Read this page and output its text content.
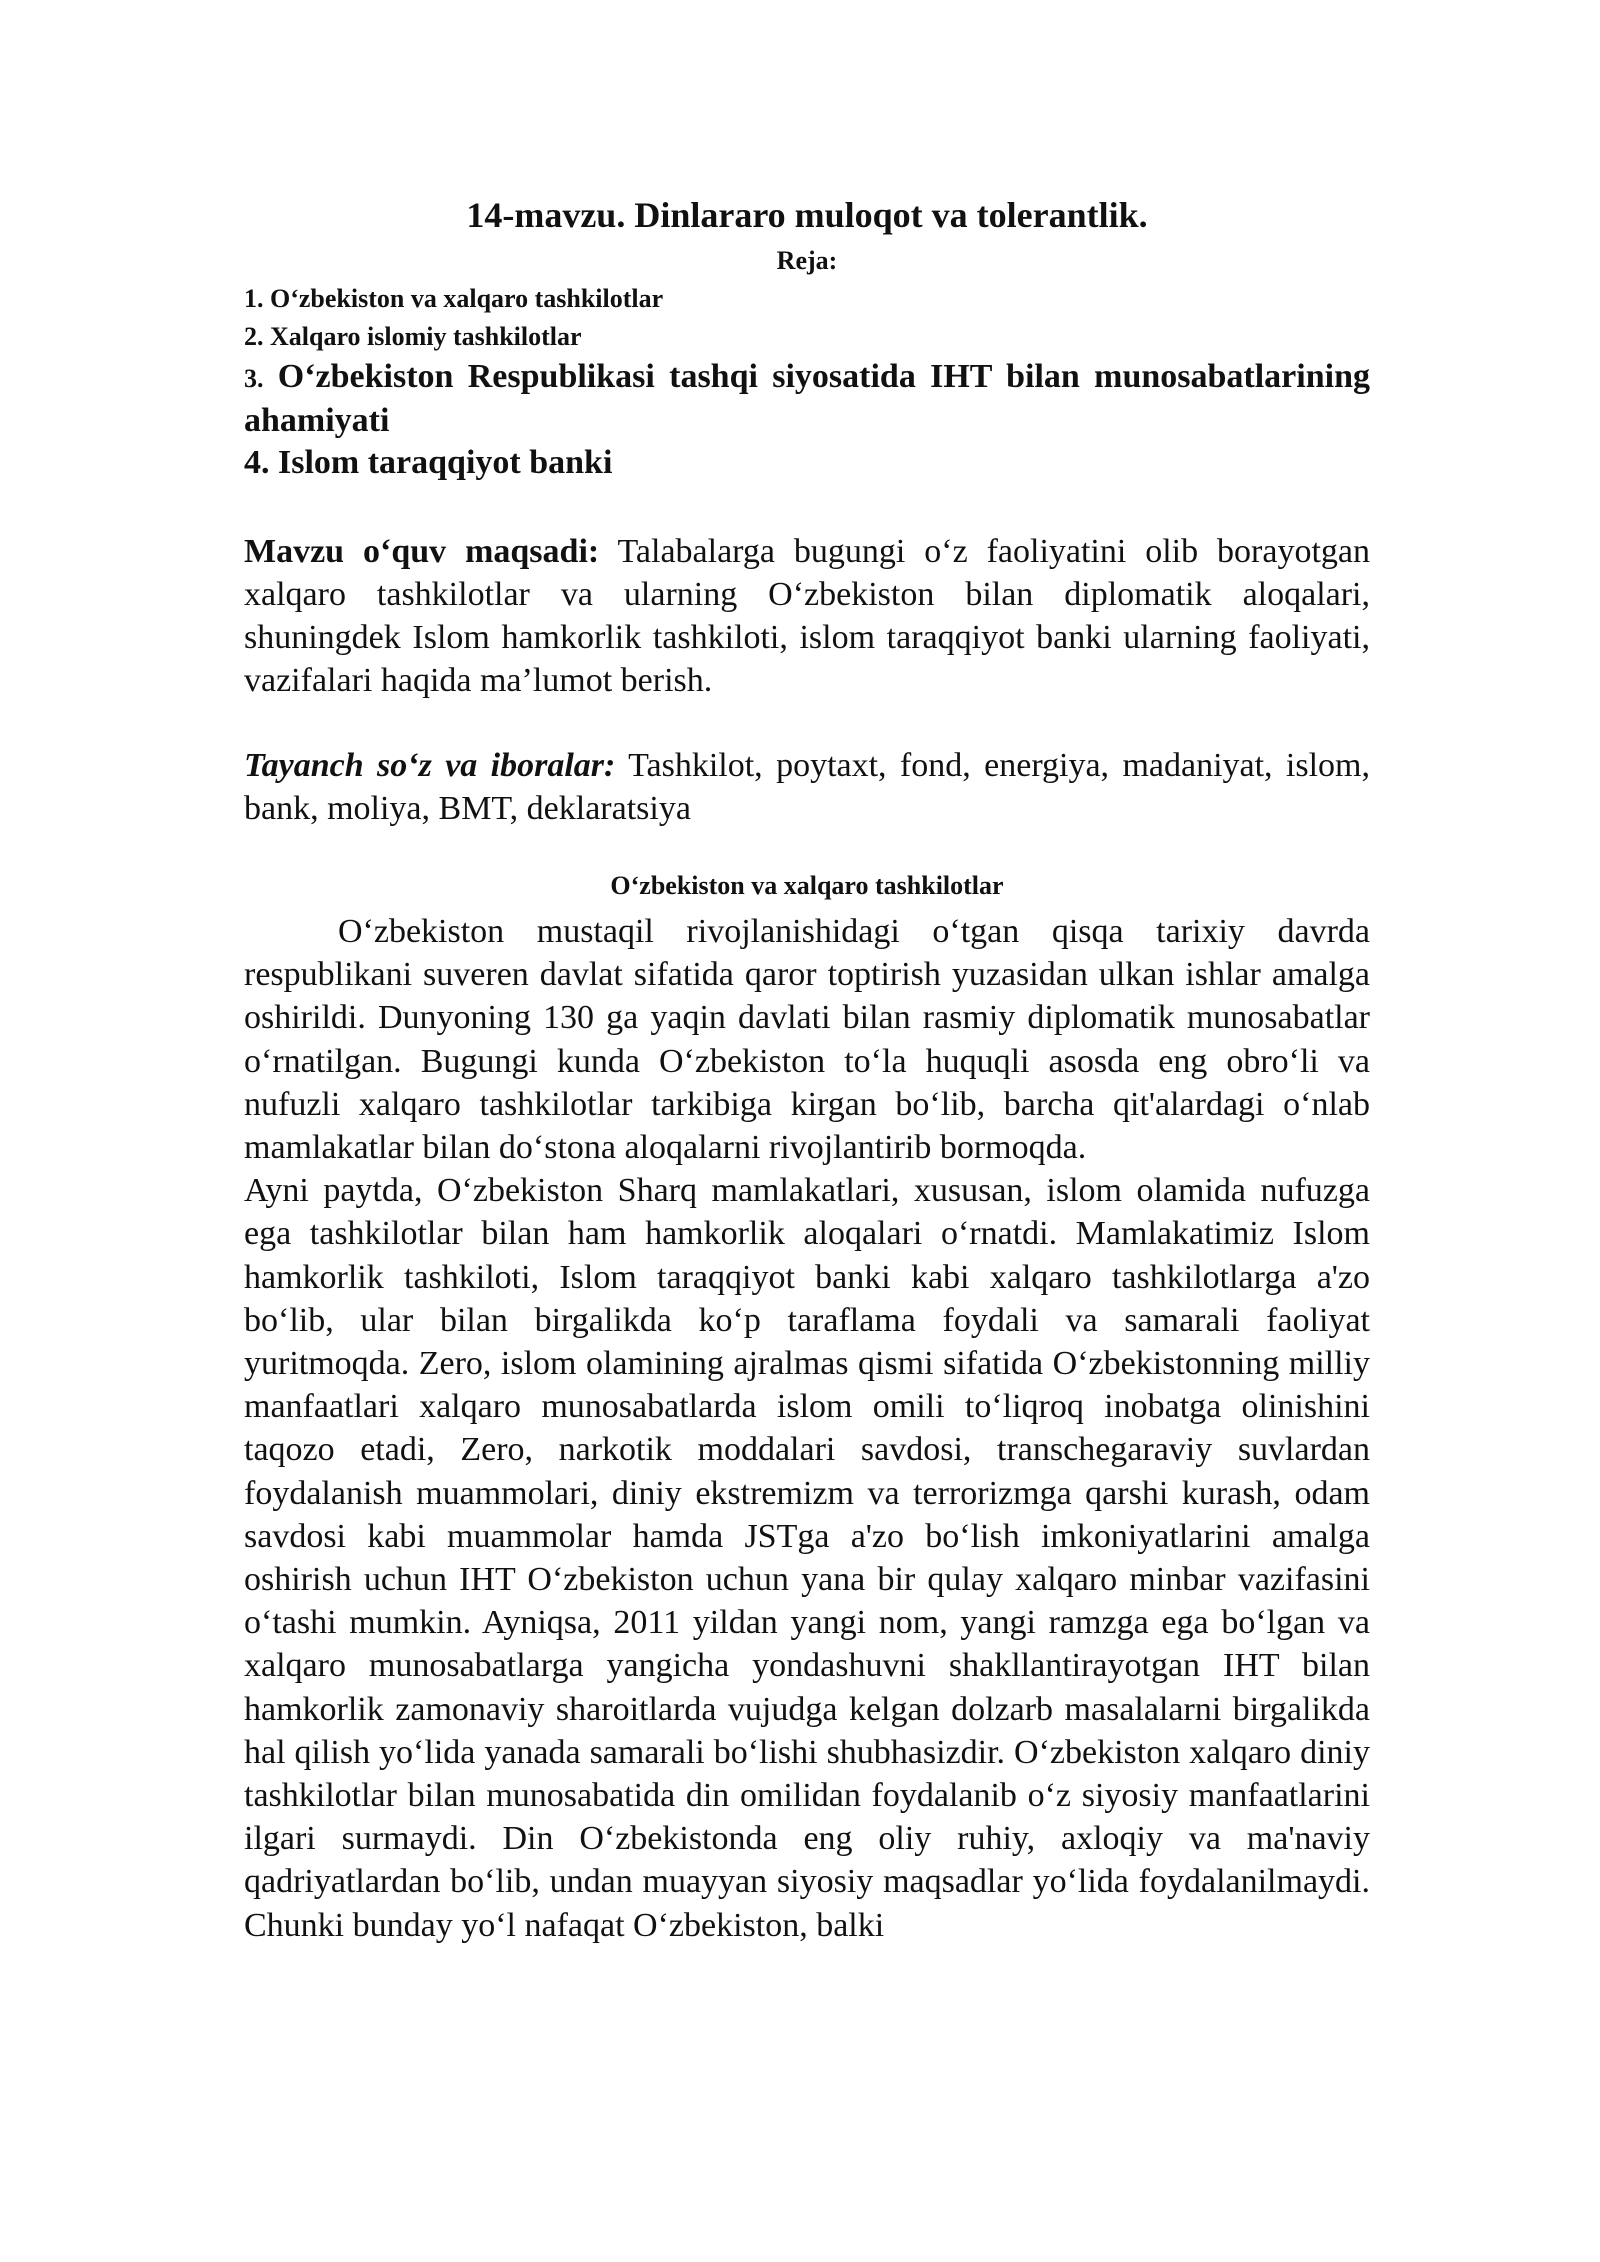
14-mavzu. Dinlararo muloqot va tolerantlik.
Reja:
1. O‘zbekiston va xalqaro tashkilotlar
2. Xalqaro islomiy tashkilotlar
3. O‘zbekiston Respublikasi tashqi siyosatida IHT bilan munosabatlarining ahamiyati
4. Islom taraqqiyot banki

Mavzu o‘quv maqsadi: Talabalarga bugungi o‘z faoliyatini olib borayotgan xalqaro tashkilotlar va ularning O‘zbekiston bilan diplomatik aloqalari, shuningdek Islom hamkorlik tashkiloti, islom taraqqiyot banki ularning faoliyati, vazifalari haqida ma’lumot berish.

Tayanch so‘z va iboralar: Tashkilot, poytaxt, fond, energiya, madaniyat, islom, bank, moliya, BMT, deklaratsiya

O‘zbekiston va xalqaro tashkilotlar

O‘zbekiston mustaqil rivojlanishidagi o‘tgan qisqa tarixiy davrda respublikani suveren davlat sifatida qaror toptirish yuzasidan ulkan ishlar amalga oshirildi. Dunyoning 130 ga yaqin davlati bilan rasmiy diplomatik munosabatlar o‘rnatilgan. Bugungi kunda O‘zbekiston to‘la huquqli asosda eng obro‘li va nufuzli xalqaro tashkilotlar tarkibiga kirgan bo‘lib, barcha qit'alardagi o‘nlab mamlakatlar bilan do‘stona aloqalarni rivojlantirib bormoqda.

Ayni paytda, O‘zbekiston Sharq mamlakatlari, xususan, islom olamida nufuzga ega tashkilotlar bilan ham hamkorlik aloqalari o‘rnatdi. Mamlakatimiz Islom hamkorlik tashkiloti, Islom taraqqiyot banki kabi xalqaro tashkilotlarga a'zo bo‘lib, ular bilan birgalikda ko‘p taraflama foydali va samarali faoliyat yuritmoqda. Zero, islom olamining ajralmas qismi sifatida O‘zbekistonning milliy manfaatlari xalqaro munosabatlarda islom omili to‘liqroq inobatga olinishini taqozo etadi, Zero, narkotik moddalari savdosi, transchegaraviy suvlardan foydalanish muammolari, diniy ekstremizm va terrorizmga qarshi kurash, odam savdosi kabi muammolar hamda JSTga a'zo bo‘lish imkoniyatlarini amalga oshirish uchun IHT O‘zbekiston uchun yana bir qulay xalqaro minbar vazifasini o‘tashi mumkin. Ayniqsa, 2011 yildan yangi nom, yangi ramzga ega bo‘lgan va xalqaro munosabatlarga yangicha yondashuvni shakllantirayotgan IHT bilan hamkorlik zamonaviy sharoitlarda vujudga kelgan dolzarb masalalarni birgalikda hal qilish yo‘lida yanada samarali bo‘lishi shubhasizdir. O‘zbekiston xalqaro diniy tashkilotlar bilan munosabatida din omilidan foydalanib o‘z siyosiy manfaatlarini ilgari surmaydi. Din O‘zbekistonda eng oliy ruhiy, axloqiy va ma'naviy qadriyatlardan bo‘lib, undan muayyan siyosiy maqsadlar yo‘lida foydalanilmaydi. Chunki bunday yo‘l nafaqat O‘zbekiston, balki
